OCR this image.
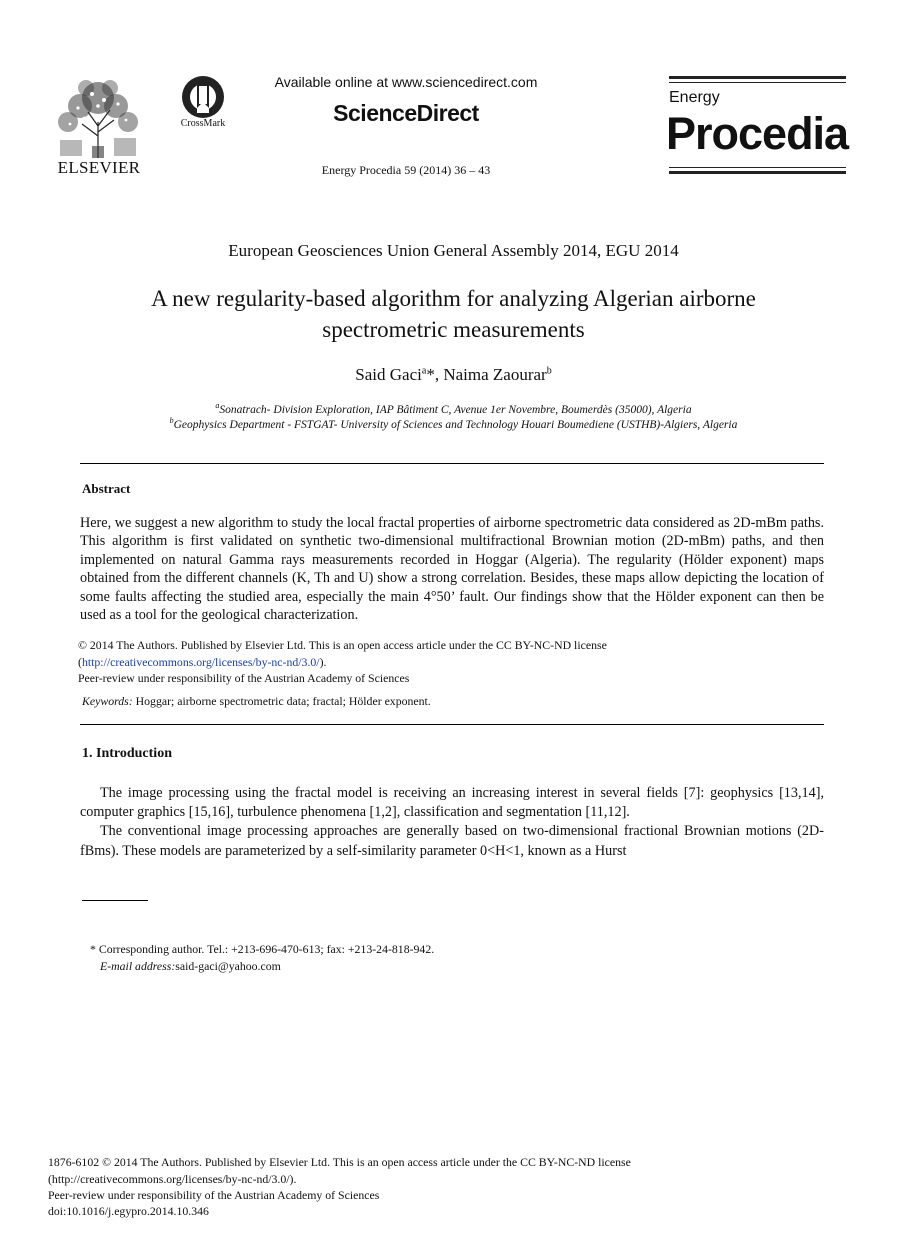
ELSEVIER
CrossMark
Available online at www.sciencedirect.com
ScienceDirect
Energy Procedia 59 (2014) 36 – 43
Energy
Procedia
European Geosciences Union General Assembly 2014, EGU 2014
A new regularity-based algorithm for analyzing Algerian airborne
spectrometric measurements
Said Gaci$^a$*, Naima Zaourar$^b$
$^a$Sonatrach- Division Exploration, IAP Bâtiment C, Avenue 1er Novembre, Boumerdès (35000), Algeria
$^b$Geophysics Department - FSTGAT- University of Sciences and Technology Houari Boumediene (USTHB)-Algiers, Algeria
Abstract
Here, we suggest a new algorithm to study the local fractal properties of airborne spectrometric data considered as 2D-mBm paths. This algorithm is first validated on synthetic two-dimensional multifractional Brownian motion (2D-mBm) paths, and then implemented on natural Gamma rays measurements recorded in Hoggar (Algeria). The regularity (Hölder exponent) maps obtained from the different channels (K, Th and U) show a strong correlation. Besides, these maps allow depicting the location of some faults affecting the studied area, especially the main 4°50’ fault. Our findings show that the Hölder exponent can then be used as a tool for the geological characterization.
© 2014 The Authors. Published by Elsevier Ltd. This is an open access article under the CC BY-NC-ND license
(http://creativecommons.org/licenses/by-nc-nd/3.0/).
Peer-review under responsibility of the Austrian Academy of Sciences
Keywords: Hoggar; airborne spectrometric data; fractal; Hölder exponent.
1. Introduction

The image processing using the fractal model is receiving an increasing interest in several fields [7]: geophysics [13,14], computer graphics [15,16], turbulence phenomena [1,2], classification and segmentation [11,12].

The conventional image processing approaches are generally based on two-dimensional fractional Brownian motions (2D-fBms). These models are parameterized by a self-similarity parameter 0<H<1, known as a Hurst

* Corresponding author. Tel.: +213-696-470-613; fax: +213-24-818-942.
E-mail address:said-gaci@yahoo.com
1876-6102 © 2014 The Authors. Published by Elsevier Ltd. This is an open access article under the CC BY-NC-ND license
(http://creativecommons.org/licenses/by-nc-nd/3.0/).
Peer-review under responsibility of the Austrian Academy of Sciences
doi:10.1016/j.egypro.2014.10.346
